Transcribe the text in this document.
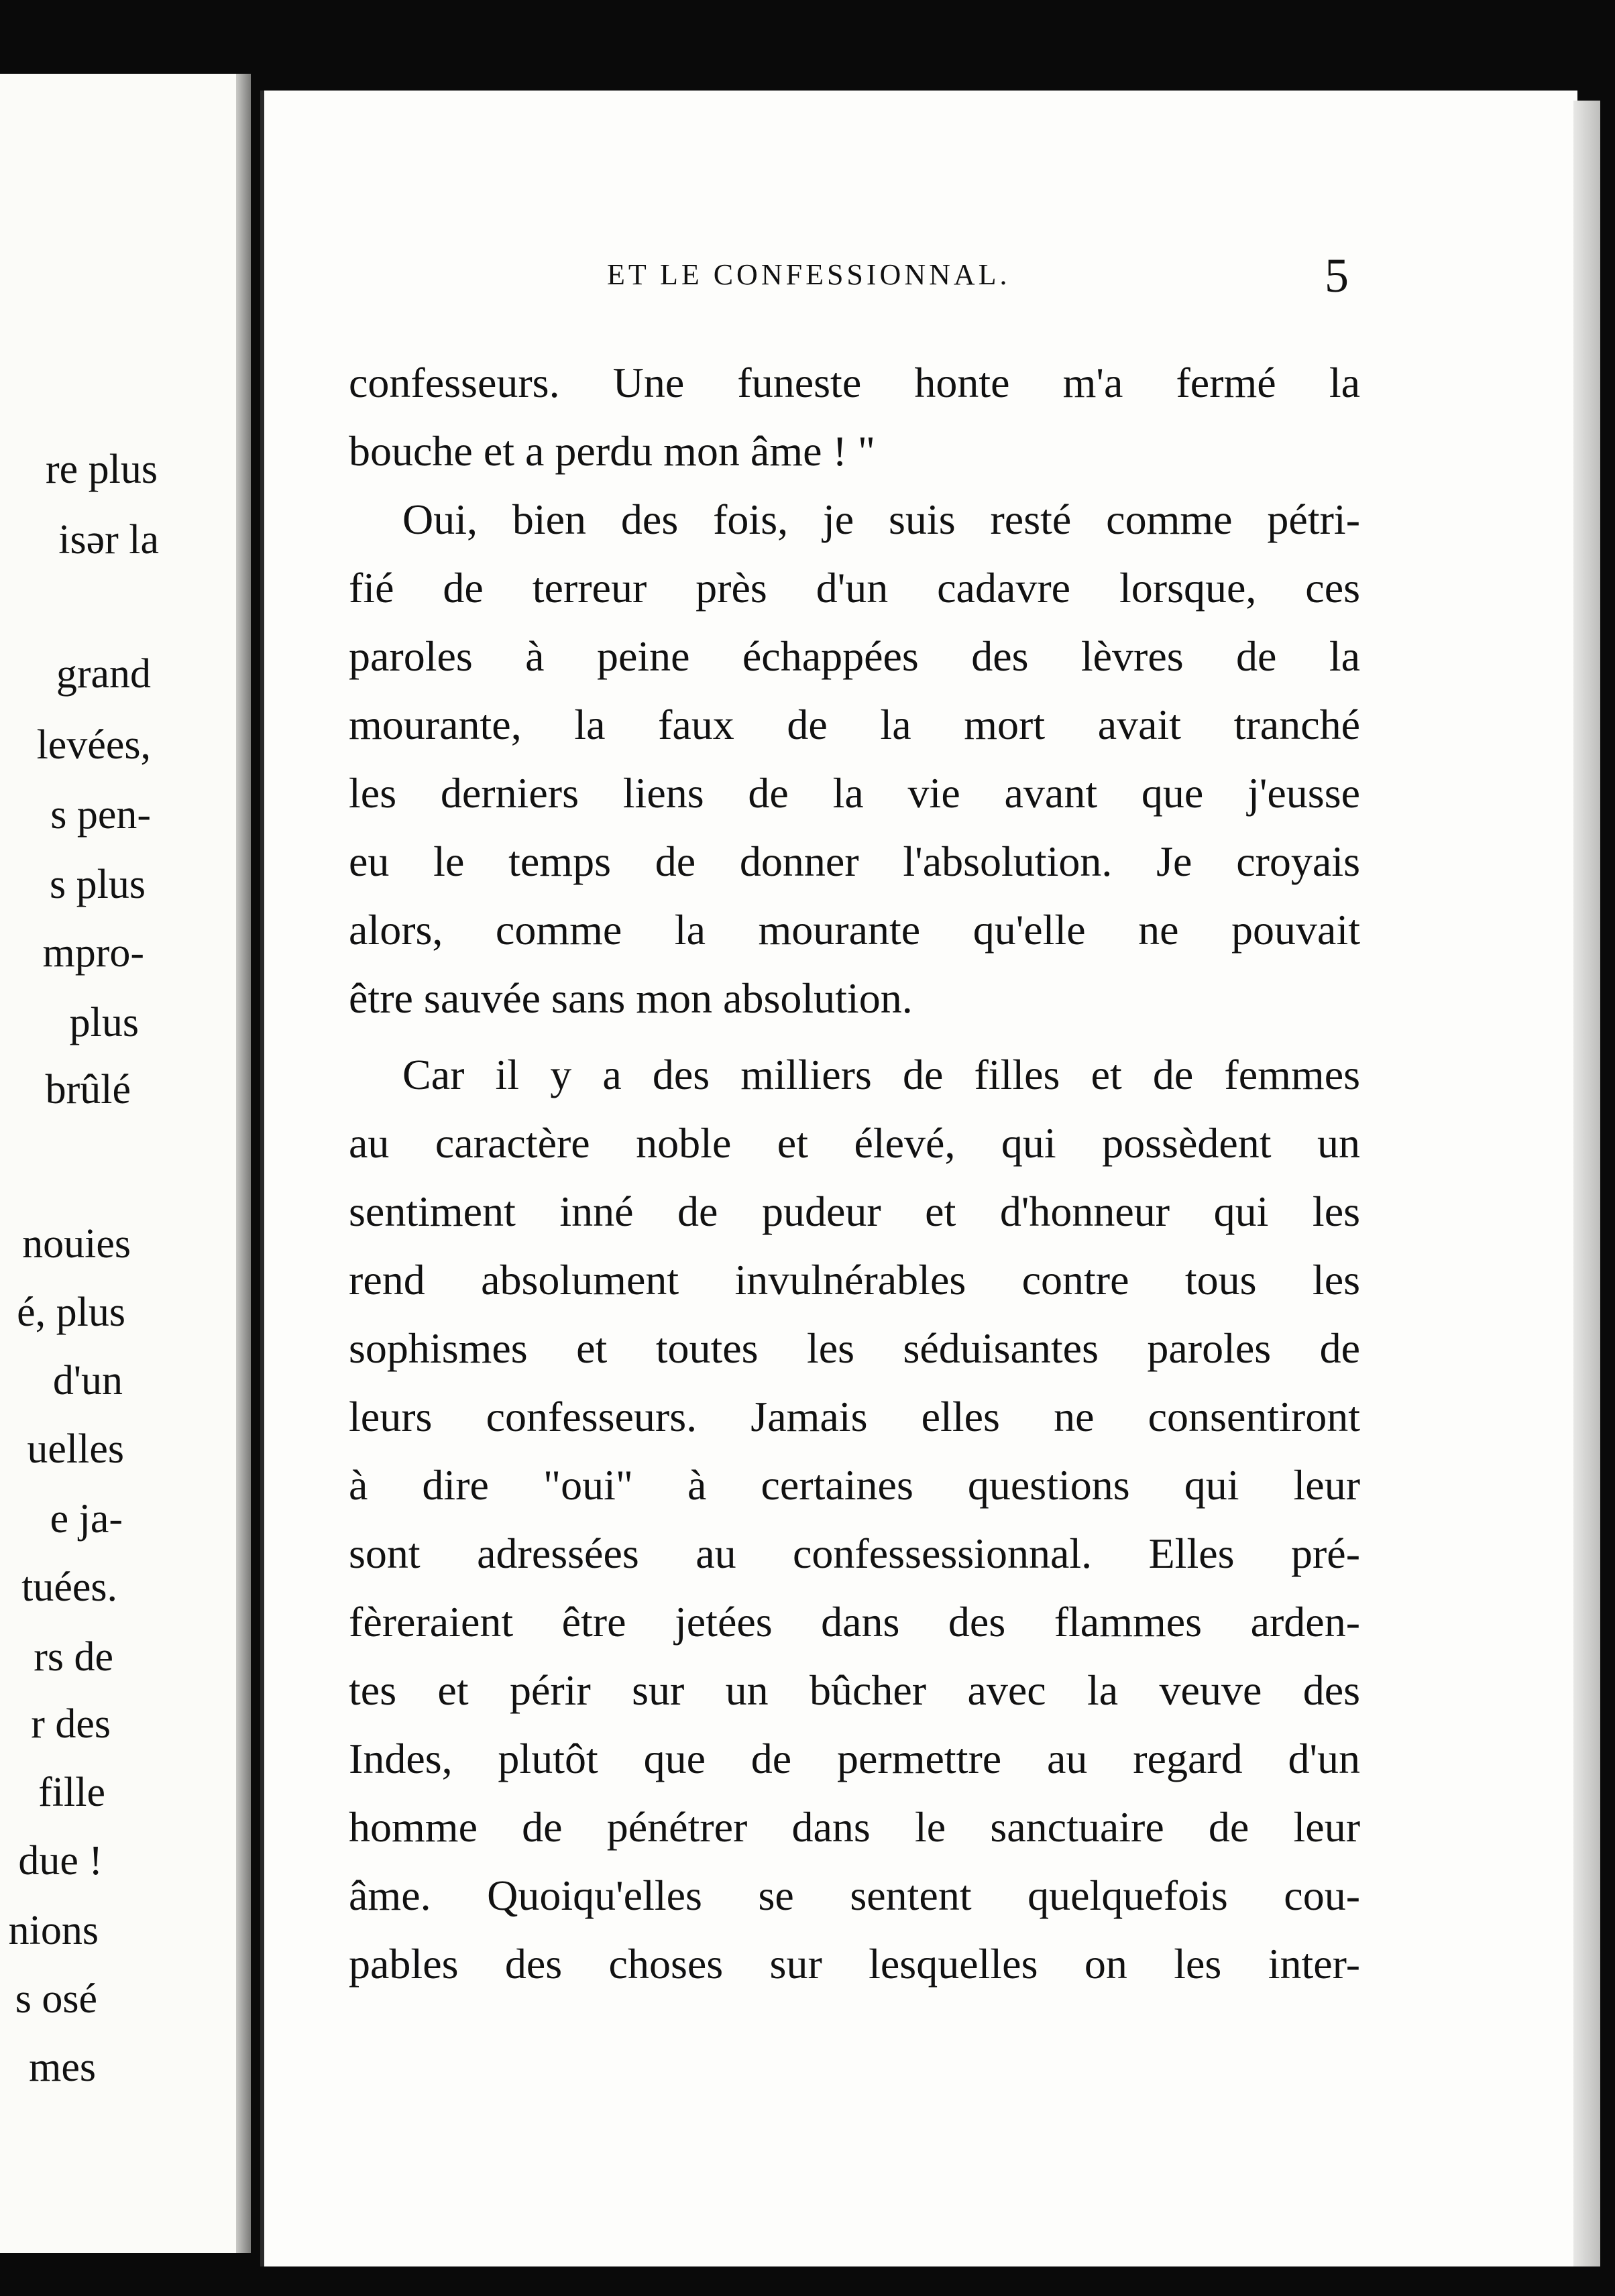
re plus
isər la
grand
levées,
s pen-
s plus
mpro-
plus
brûlé
nouies
é, plus
d'un
uelles
e ja-
tuées.
rs de
r des
fille
due !
nions
s osé
mes
ET LE CONFESSIONNAL.	5
confesseurs. Une funeste honte m'a fermé la
bouche et a perdu mon âme ! "
Oui, bien des fois, je suis resté comme pétri-
fié de terreur près d'un cadavre lorsque, ces
paroles à peine échappées des lèvres de la
mourante, la faux de la mort avait tranché
les derniers liens de la vie avant que j'eusse
eu le temps de donner l'absolution. Je croyais
alors, comme la mourante qu'elle ne pouvait
être sauvée sans mon absolution.
Car il y a des milliers de filles et de femmes
au caractère noble et élevé, qui possèdent un
sentiment inné de pudeur et d'honneur qui les
rend absolument invulnérables contre tous les
sophismes et toutes les séduisantes paroles de
leurs confesseurs. Jamais elles ne consentiront
à dire "oui" à certaines questions qui leur
sont adressées au confessessionnal. Elles pré-
fèreraient être jetées dans des flammes arden-
tes et périr sur un bûcher avec la veuve des
Indes, plutôt que de permettre au regard d'un
homme de pénétrer dans le sanctuaire de leur
âme. Quoiqu'elles se sentent quelquefois cou-
pables des choses sur lesquelles on les inter-
